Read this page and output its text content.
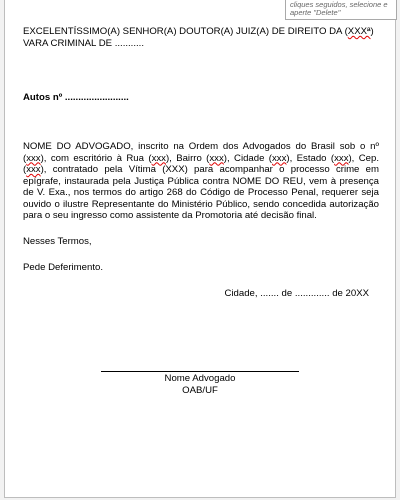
cliques seguidos, selecione e
aperte "Delete"
EXCELENTÍSSIMO(A) SENHOR(A) DOUTOR(A) JUIZ(A) DE DIREITO DA (XXXª)
VARA CRIMINAL DE ...........
Autos nº ........................
NOME DO ADVOGADO, inscrito na Ordem dos Advogados do Brasil sob o nº (xxx), com escritório à Rua (xxx), Bairro (xxx), Cidade (xxx), Estado (xxx), Cep. (xxx), contratado pela Vítima (XXX) para acompanhar o processo crime em epígrafe, instaurada pela Justiça Pública contra NOME DO REU, vem à presença de V. Exa., nos termos do artigo 268 do Código de Processo Penal, requerer seja ouvido o ilustre Representante do Ministério Público, sendo concedida autorização para o seu ingresso como assistente da Promotoria até decisão final.
Nesses Termos,
Pede Deferimento.
Cidade, ....... de ............. de 20XX
Nome Advogado
OAB/UF
